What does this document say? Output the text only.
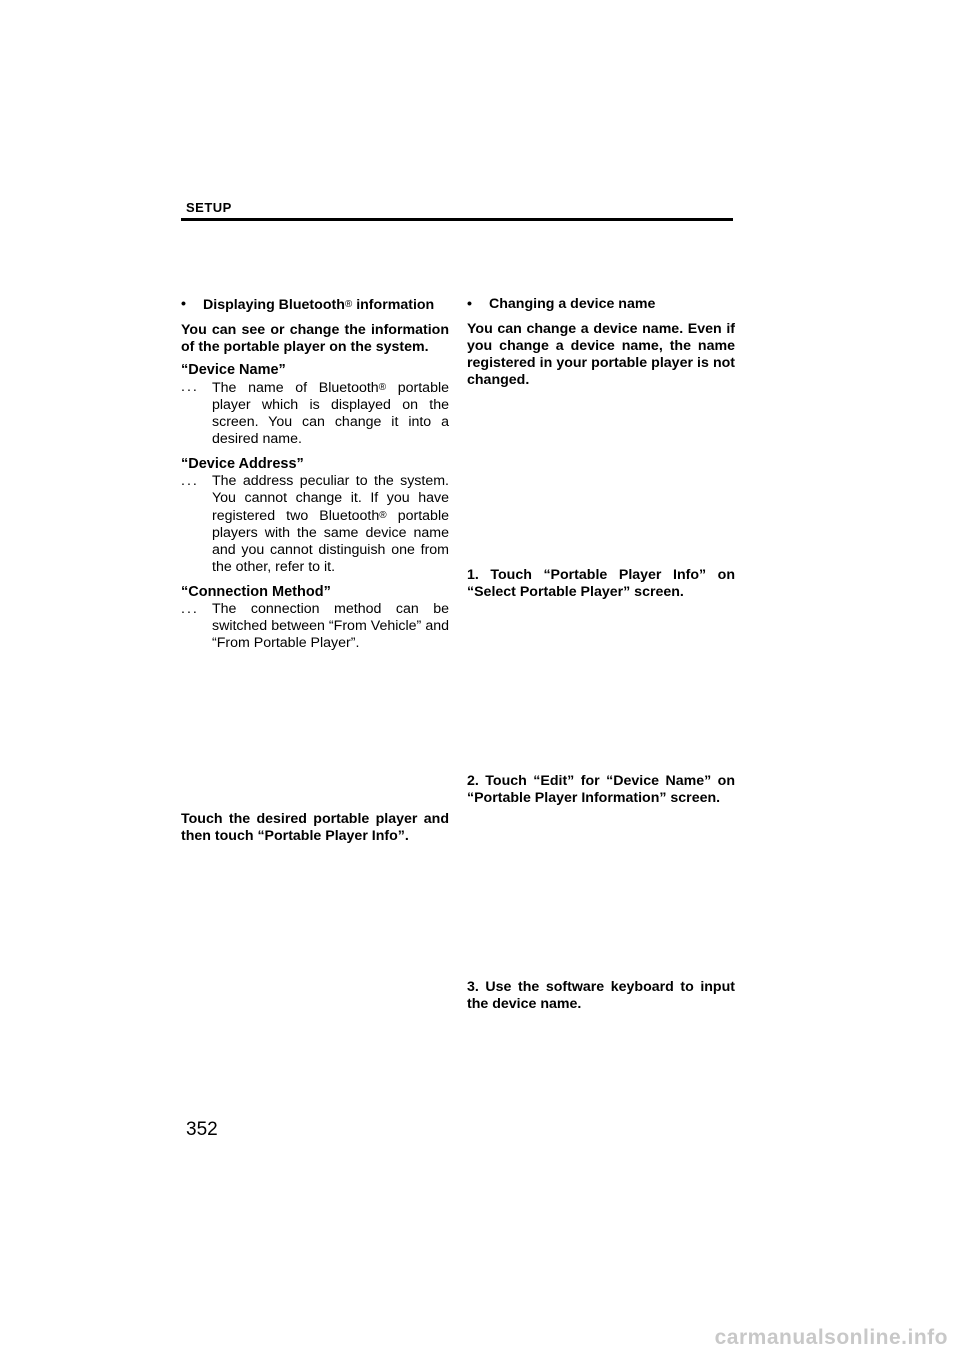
SETUP

• Displaying Bluetooth® information

You can see or change the information of the portable player on the system.

“Device Name”

... The name of Bluetooth® portable player which is displayed on the screen. You can change it into a desired name.

“Device Address”

... The address peculiar to the system. You cannot change it. If you have registered two Bluetooth® portable players with the same device name and you cannot distinguish one from the other, refer to it.

“Connection Method”

... The connection method can be switched between “From Vehicle” and “From Portable Player”.

Touch the desired portable player and then touch “Portable Player Info”.

• Changing a device name

You can change a device name. Even if you change a device name, the name registered in your portable player is not changed.

1. Touch “Portable Player Info” on “Select Portable Player” screen.

2. Touch “Edit” for “Device Name” on “Portable Player Information” screen.

3. Use the software keyboard to input the device name.

352
carmanualsonline.info
